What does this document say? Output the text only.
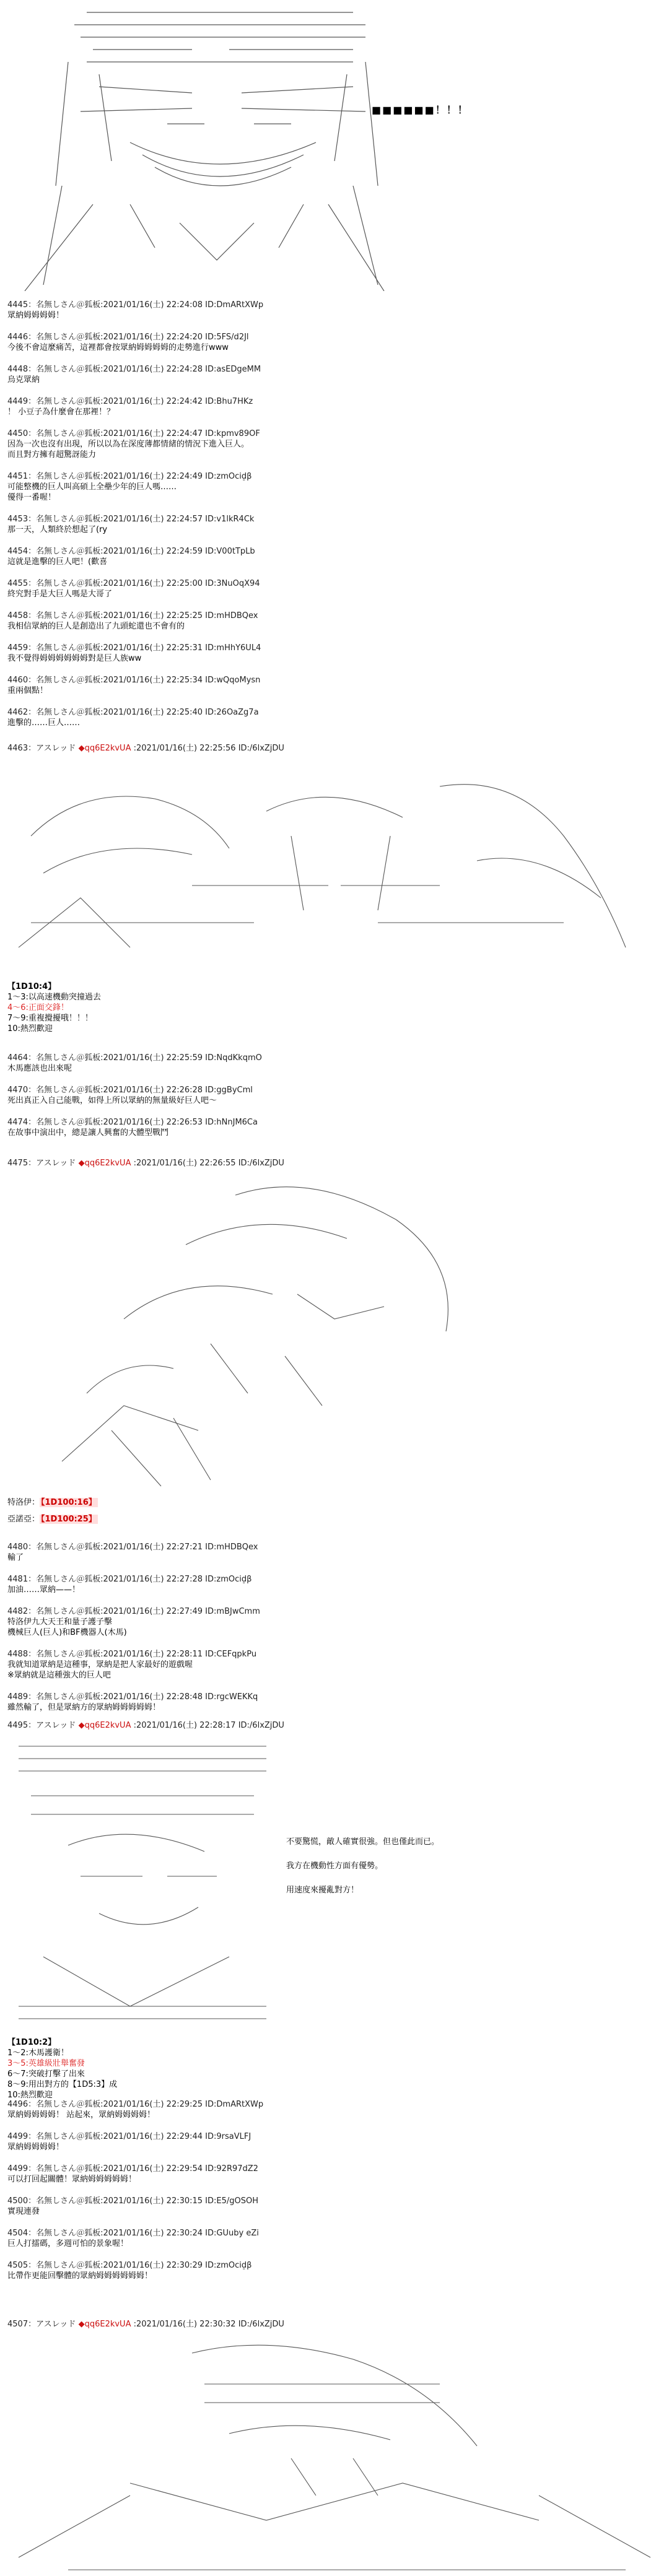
■■■■■■！！！
4445：名無しさん＠狐板:2021/01/16(土) 22:24:08 ID:DmARtXWp
眾納姆姆姆姆！
4446：名無しさん＠狐板:2021/01/16(土) 22:24:20 ID:5FS/d2Jl
今後不會這麼痛苦，這裡都會按眾納姆姆姆姆的走勢進行www
4448：名無しさん＠狐板:2021/01/16(土) 22:24:28 ID:asEDgeMM
烏克眾納
4449：名無しさん＠狐板:2021/01/16(土) 22:24:42 ID:Bhu7HKz
！ 小豆子為什麼會在那裡！？
4450：名無しさん＠狐板:2021/01/16(土) 22:24:47 ID:kpmv89OF
因為一次也沒有出現，所以以為在深度薄都情緒的情況下進入巨人。
而且對方擁有超驚訝能力
4451：名無しさん＠狐板:2021/01/16(土) 22:24:49 ID:zmOcid̠β
可能整機的巨人叫高碩上全壘少年的巨人嗎……
優得一番喔！
4453：名無しさん＠狐板:2021/01/16(土) 22:24:57 ID:v1lkR4Ck
那一天，人類終於想起了(ry
4454：名無しさん＠狐板:2021/01/16(土) 22:24:59 ID:V00tTpLb
這就是進擊的巨人吧！(歡喜
4455：名無しさん＠狐板:2021/01/16(土) 22:25:00 ID:3NuOqX94
終究對手是大巨人嗎是大哥了
4458：名無しさん＠狐板:2021/01/16(土) 22:25:25 ID:mHDBQex
我相信眾納的巨人是創造出了九頭蛇還也不會有的
4459：名無しさん＠狐板:2021/01/16(土) 22:25:31 ID:mHhY6UL4
我不覺得姆姆姆姆姆姆對是巨人族ww
4460：名無しさん＠狐板:2021/01/16(土) 22:25:34 ID:wQqoMysn
重兩個點！
4462：名無しさん＠狐板:2021/01/16(土) 22:25:40 ID:26OaZg7a
進擊的……巨人……
4463：アスレッド ◆qq6E2kvUA :2021/01/16(土) 22:25:56 ID:/6lxZjDU

【1D10:4】
1～3:以高速機動突撞過去
4～6:正面交鋒！
7～9:重複攪擾哦！！！
10:熱烈歡迎
4464：名無しさん＠狐板:2021/01/16(土) 22:25:59 ID:NqdKkqmO
木馬應該也出來呢
4470：名無しさん＠狐板:2021/01/16(土) 22:26:28 ID:ggByCml
死出真正入自己能戰，如得上所以眾納的無量級好巨人吧～
4474：名無しさん＠狐板:2021/01/16(土) 22:26:53 ID:hNnJM6Ca
在故事中演出中，總是讓人興奮的大體型戰鬥
4475：アスレッド ◆qq6E2kvUA :2021/01/16(土) 22:26:55 ID:/6lxZjDU

特洛伊： 【1D100:16】
亞諾亞： 【1D100:25】
4480：名無しさん＠狐板:2021/01/16(土) 22:27:21 ID:mHDBQex
輸了
4481：名無しさん＠狐板:2021/01/16(土) 22:27:28 ID:zmOcid̠β
加油……眾納——！
4482：名無しさん＠狐板:2021/01/16(土) 22:27:49 ID:mBJwCmm
特洛伊九大天王和量子護子擊
機械巨人(巨人)和BF機器人(木馬)
4488：名無しさん＠狐板:2021/01/16(土) 22:28:11 ID:CEFqpkPu
我就知道眾納是這種事，眾納是把人家最好的遊戲喔
※眾納就是這種強大的巨人吧
4489：名無しさん＠狐板:2021/01/16(土) 22:28:48 ID:rgcWEKKq
雖然輸了，但是眾納方的眾納姆姆姆姆姆！
4495：アスレッド ◆qq6E2kvUA :2021/01/16(土) 22:28:17 ID:/6lxZjDU

不要驚慌，敵人確實很強。但也僅此而已。
我方在機動性方面有優勢。
用速度來擾亂對方！
【1D10:2】
1～2:木馬護衛！
3～5:英雄級壯舉奮發
6～7:突破打擊了出來
8～9:用出對方的【1D5:3】成
10:熱烈歡迎
4496：名無しさん＠狐板:2021/01/16(土) 22:29:25 ID:DmARtXWp
眾納姆姆姆姆！ 站起來，眾納姆姆姆姆！
4499：名無しさん＠狐板:2021/01/16(土) 22:29:44 ID:9rsaVLFJ
眾納姆姆姆姆！
4499：名無しさん＠狐板:2021/01/16(土) 22:29:54 ID:92R97dZ2
可以打回起關體！眾納姆姆姆姆姆！
4500：名無しさん＠狐板:2021/01/16(土) 22:30:15 ID:E5/gOSOH
實現連發
4504：名無しさん＠狐板:2021/01/16(土) 22:30:24 ID:GUuby eZi
巨人打擂碼，多週可怕的景象喔！
4505：名無しさん＠狐板:2021/01/16(土) 22:30:29 ID:zmOcid̠β
比帶作更能回擊體的眾納姆姆姆姆姆姆！
4507：アスレッド ◆qq6E2kvUA :2021/01/16(土) 22:30:32 ID:/6lxZjDU
